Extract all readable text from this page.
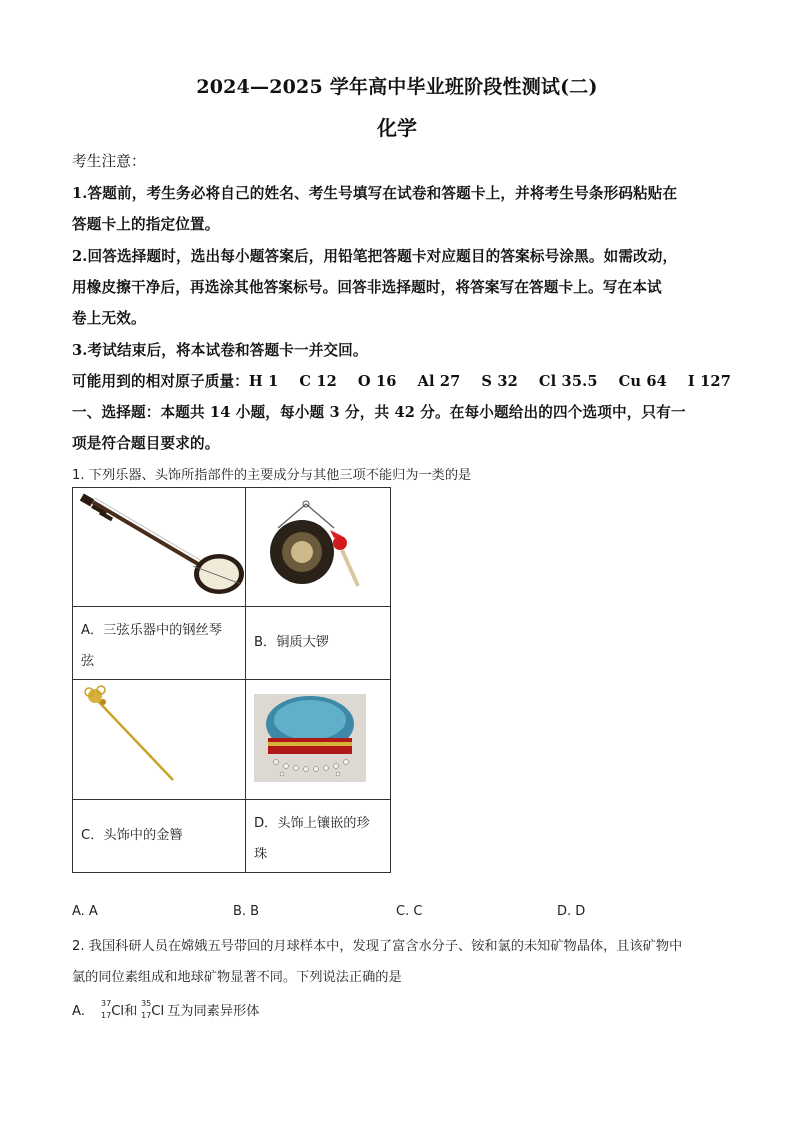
2024—2025 学年高中毕业班阶段性测试(二)
化学
考生注意：
1.答题前，考生务必将自己的姓名、考生号填写在试卷和答题卡上，并将考生号条形码粘贴在
答题卡上的指定位置。
2.回答选择题时，选出每小题答案后，用铅笔把答题卡对应题目的答案标号涂黑。如需改动，
用橡皮擦干净后，再选涂其他答案标号。回答非选择题时，将答案写在答题卡上。写在本试
卷上无效。
3.考试结束后，将本试卷和答题卡一并交回。
可能用到的相对原子质量：H 1    C 12    O 16    Al 27    S 32    Cl 35.5    Cu 64    I 127
一、选择题：本题共 14 小题，每小题 3 分，共 42 分。在每小题给出的四个选项中，只有一
项是符合题目要求的。
1. 下列乐器、头饰所指部件的主要成分与其他三项不能归为一类的是

A．三弦乐器中的钢丝琴
弦	B．铜质大锣

C．头饰中的金簪	D．头饰上镶嵌的珍
珠
A. A	B. B	C. C	D. D
2. 我国科研人员在嫦娥五号带回的月球样本中，发现了富含水分子、铵和氯的未知矿物晶体，且该矿物中
氯的同位素组成和地球矿物显著不同。下列说法正确的是
A.
37
17 Cl和
35
17 Cl 互为同素异形体
